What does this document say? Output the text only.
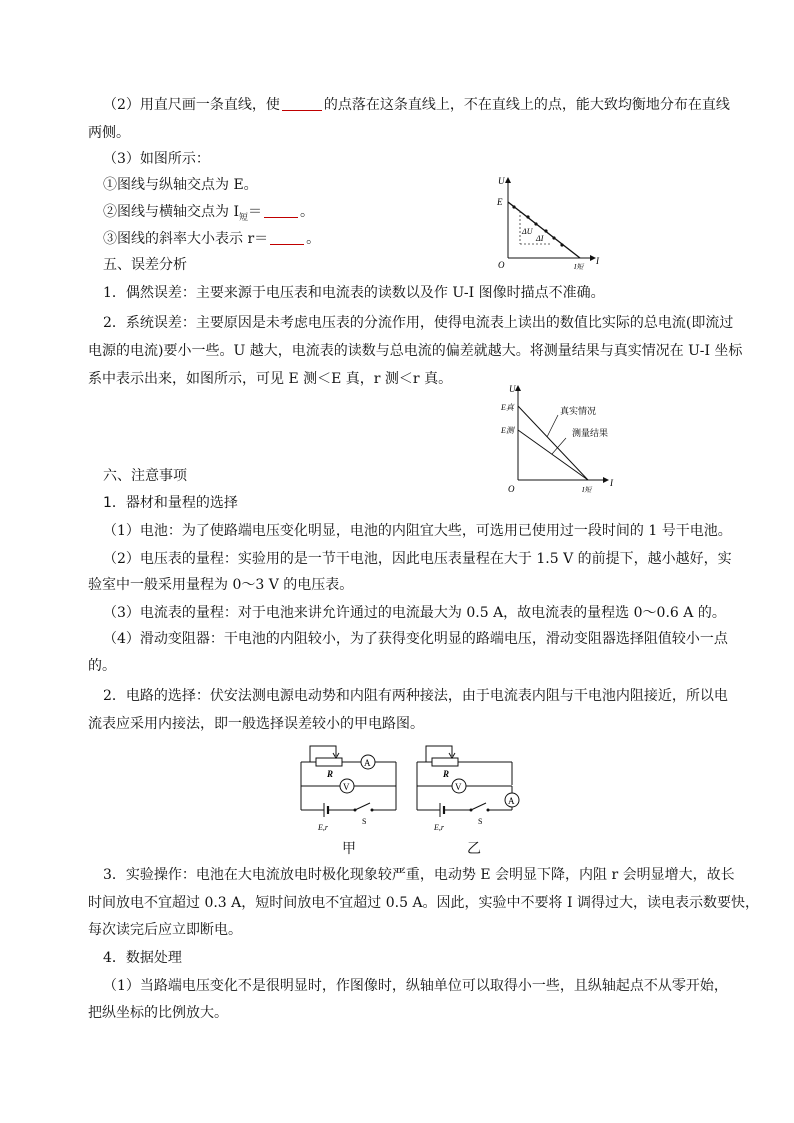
（2）用直尺画一条直线，使	的点落在这条直线上，不在直线上的点，能大致均衡地分布在直线
两侧。
（3）如图所示：
①图线与纵轴交点为 E。
②图线与横轴交点为 $I_短=$	。
③图线的斜率大小表示 r＝	。
五、误差分析
1．偶然误差：主要来源于电压表和电流表的读数以及作 U-I 图像时描点不准确。
2．系统误差：主要原因是未考虑电压表的分流作用，使得电流表上读出的数值比实际的总电流(即流过
电源的电流)要小一些。U 越大，电流表的读数与总电流的偏差就越大。将测量结果与真实情况在 U-I 坐标
系中表示出来，如图所示，可见 E 测＜E 真，r 测＜r 真。
六、注意事项
1．器材和量程的选择
（1）电池：为了使路端电压变化明显，电池的内阻宜大些，可选用已使用过一段时间的 1 号干电池。
（2）电压表的量程：实验用的是一节干电池，因此电压表量程在大于 1.5 V 的前提下，越小越好，实
验室中一般采用量程为 0～3 V 的电压表。
（3）电流表的量程：对于电池来讲允许通过的电流最大为 0.5 A，故电流表的量程选 0～0.6 A 的。
（4）滑动变阻器：干电池的内阻较小，为了获得变化明显的路端电压，滑动变阻器选择阻值较小一点
的。
2．电路的选择：伏安法测电源电动势和内阻有两种接法，由于电流表内阻与干电池内阻接近，所以电
流表应采用内接法，即一般选择误差较小的甲电路图。
3．实验操作：电池在大电流放电时极化现象较严重，电动势 E 会明显下降，内阻 r 会明显增大，故长
时间放电不宜超过 0.3 A，短时间放电不宜超过 0.5 A。因此，实验中不要将 I 调得过大，读电表示数要快，
每次读完后应立即断电。
4．数据处理
（1）当路端电压变化不是很明显时，作图像时，纵轴单位可以取得小一些，且纵轴起点不从零开始，
把纵坐标的比例放大。
U
E
O	I
I短
ΔU
ΔI
U
E真
E测
O
I
I短
真实情况
测量结果
R
A
V
E,r
S
甲
R
V
A
E,r
S
乙
